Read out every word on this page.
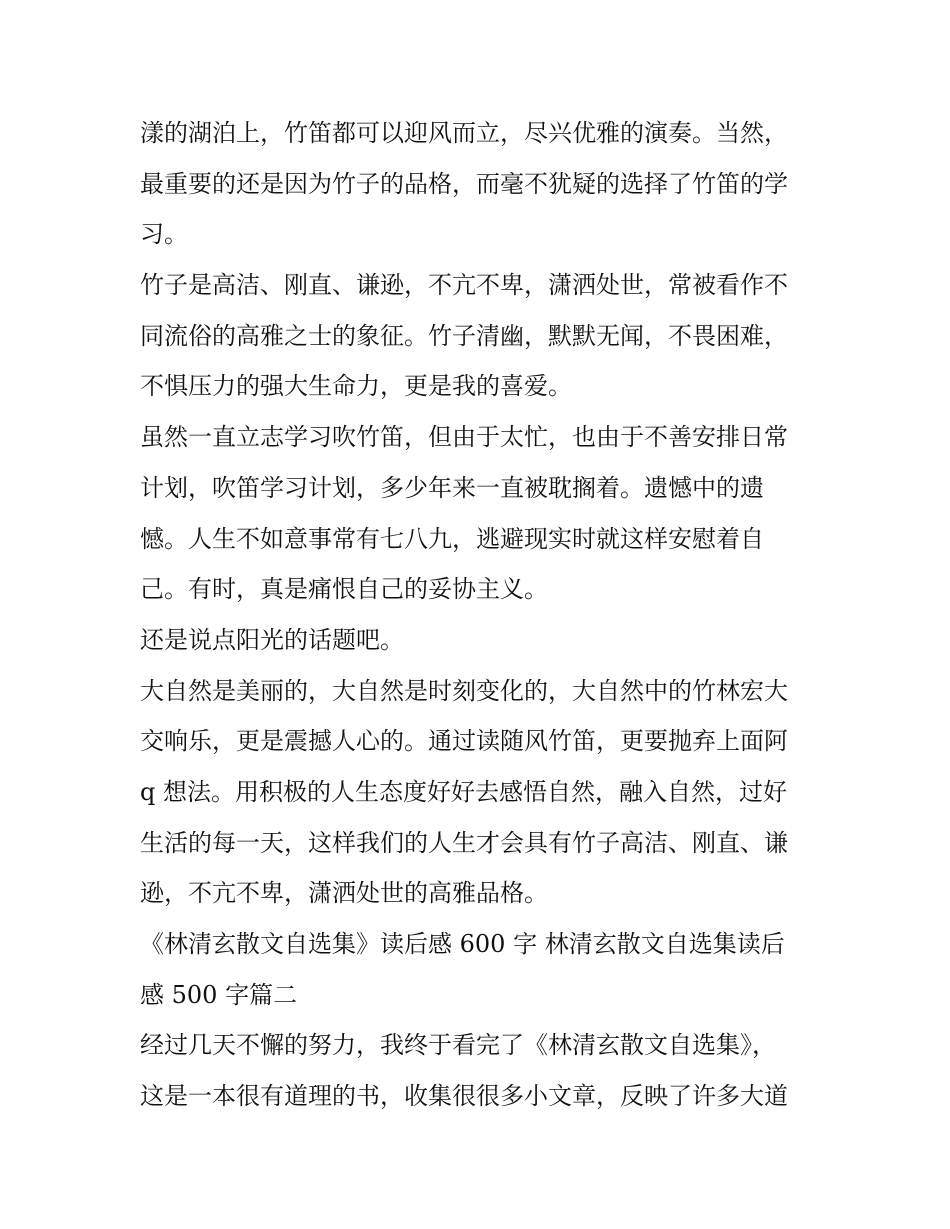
漾的湖泊上，竹笛都可以迎风而立，尽兴优雅的演奏。当然，
最重要的还是因为竹子的品格，而毫不犹疑的选择了竹笛的学
习。
竹子是高洁、刚直、谦逊，不亢不卑，潇洒处世，常被看作不
同流俗的高雅之士的象征。竹子清幽，默默无闻，不畏困难，
不惧压力的强大生命力，更是我的喜爱。
虽然一直立志学习吹竹笛，但由于太忙，也由于不善安排日常
计划，吹笛学习计划，多少年来一直被耽搁着。遗憾中的遗
憾。人生不如意事常有七八九，逃避现实时就这样安慰着自
己。有时，真是痛恨自己的妥协主义。
还是说点阳光的话题吧。
大自然是美丽的，大自然是时刻变化的，大自然中的竹林宏大
交响乐，更是震撼人心的。通过读随风竹笛，更要抛弃上面阿
q 想法。用积极的人生态度好好去感悟自然，融入自然，过好
生活的每一天，这样我们的人生才会具有竹子高洁、刚直、谦
逊，不亢不卑，潇洒处世的高雅品格。
《林清玄散文自选集》读后感 600 字 林清玄散文自选集读后
感 500 字篇二
经过几天不懈的努力，我终于看完了《林清玄散文自选集》，
这是一本很有道理的书，收集很很多小文章，反映了许多大道
